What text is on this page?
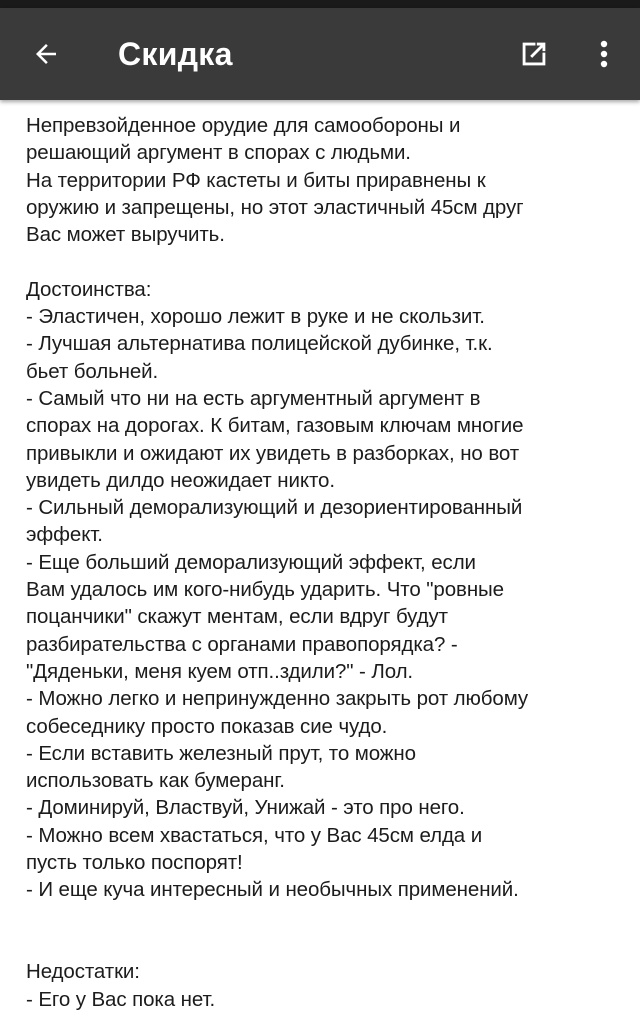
Скидка
Непревзойденное орудие для самообороны и
решающий аргумент в спорах с людьми.
На территории РФ кастеты и биты приравнены к
оружию и запрещены, но этот эластичный 45см друг
Вас может выручить.
Достоинства:
- Эластичен, хорошо лежит в руке и не скользит.
- Лучшая альтернатива полицейской дубинке, т.к.
бьет больней.
- Самый что ни на есть аргументный аргумент в
спорах на дорогах. К битам, газовым ключам многие
привыкли и ожидают их увидеть в разборках, но вот
увидеть дилдо неожидает никто.
- Сильный деморализующий и дезориентированный
эффект.
- Еще больший деморализующий эффект, если
Вам удалось им кого-нибудь ударить. Что "ровные
поцанчики" скажут ментам, если вдруг будут
разбирательства с органами правопорядка? -
"Дяденьки, меня куем отп..здили?" - Лол.
- Можно легко и непринужденно закрыть рот любому
собеседнику просто показав сие чудо.
- Если вставить железный прут, то можно
использовать как бумеранг.
- Доминируй, Властвуй, Унижай - это про него.
- Можно всем хвастаться, что у Вас 45см елда и
пусть только поспорят!
- И еще куча интересный и необычных применений.
Недостатки:
- Его у Вас пока нет.
